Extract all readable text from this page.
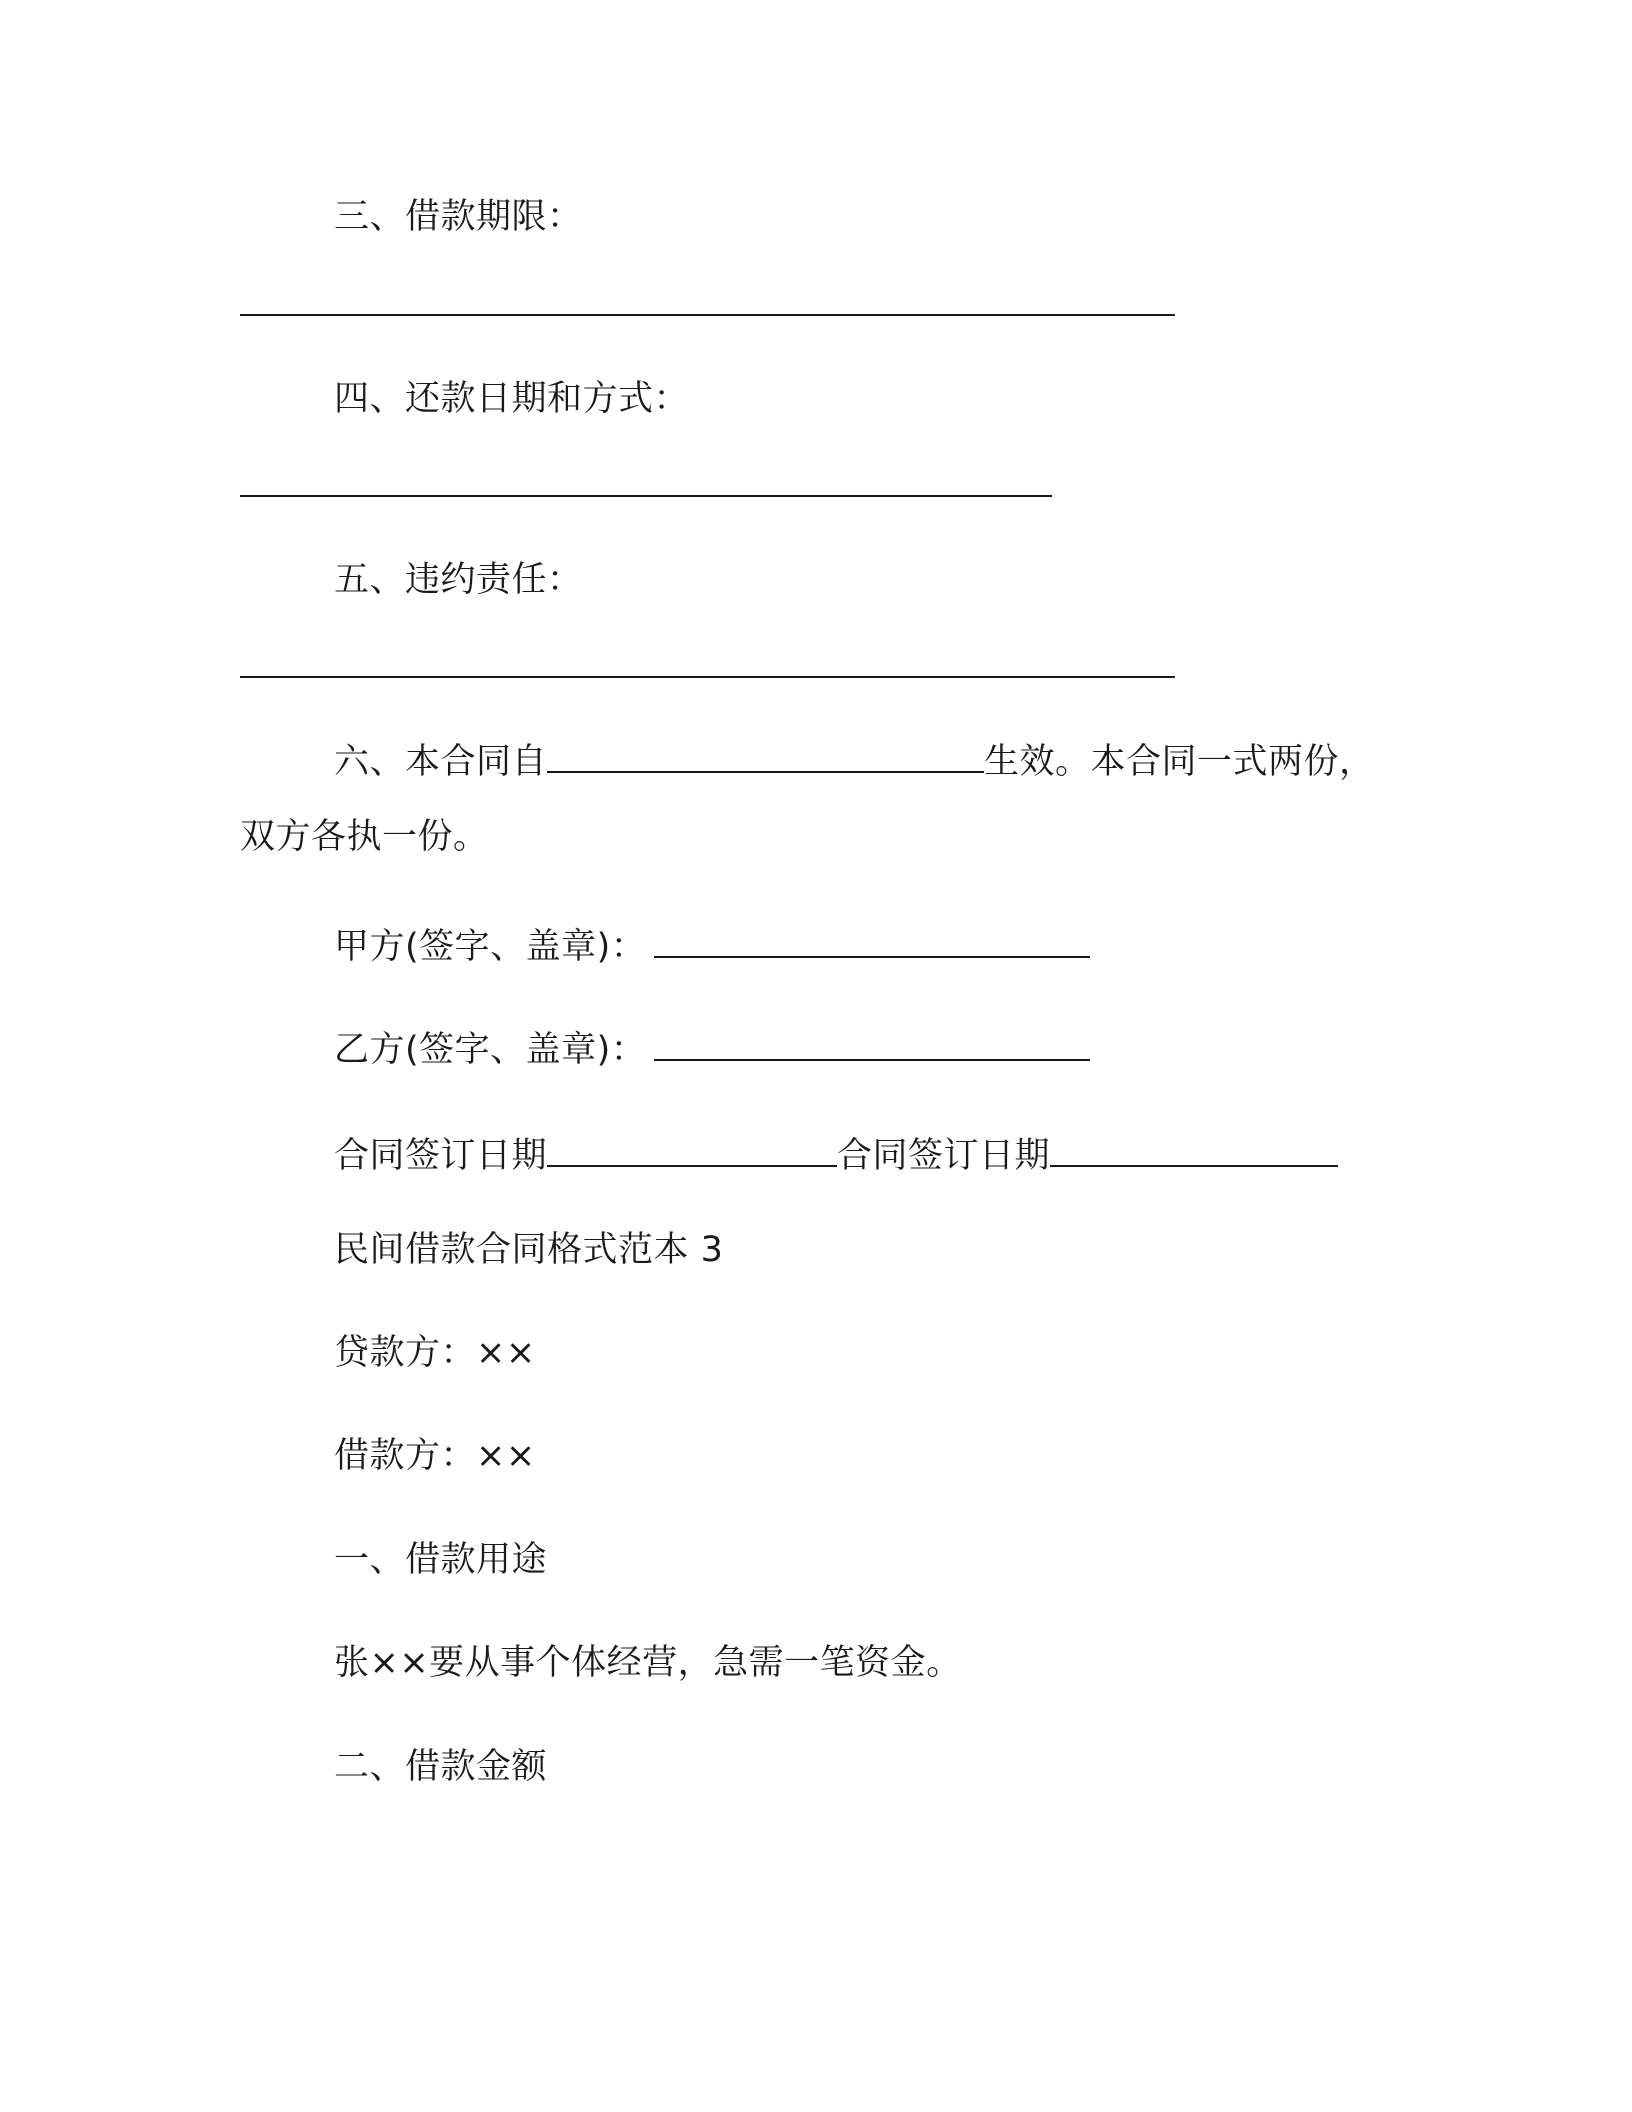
三、借款期限：
四、还款日期和方式：
五、违约责任：
六、本合同自	生效。本合同一式两份，
双方各执一份。
甲方(签字、盖章)：
乙方(签字、盖章)：
合同签订日期	合同签订日期
民间借款合同格式范本 3
贷款方：××
借款方：××
一、借款用途
张××要从事个体经营，急需一笔资金。
二、借款金额
